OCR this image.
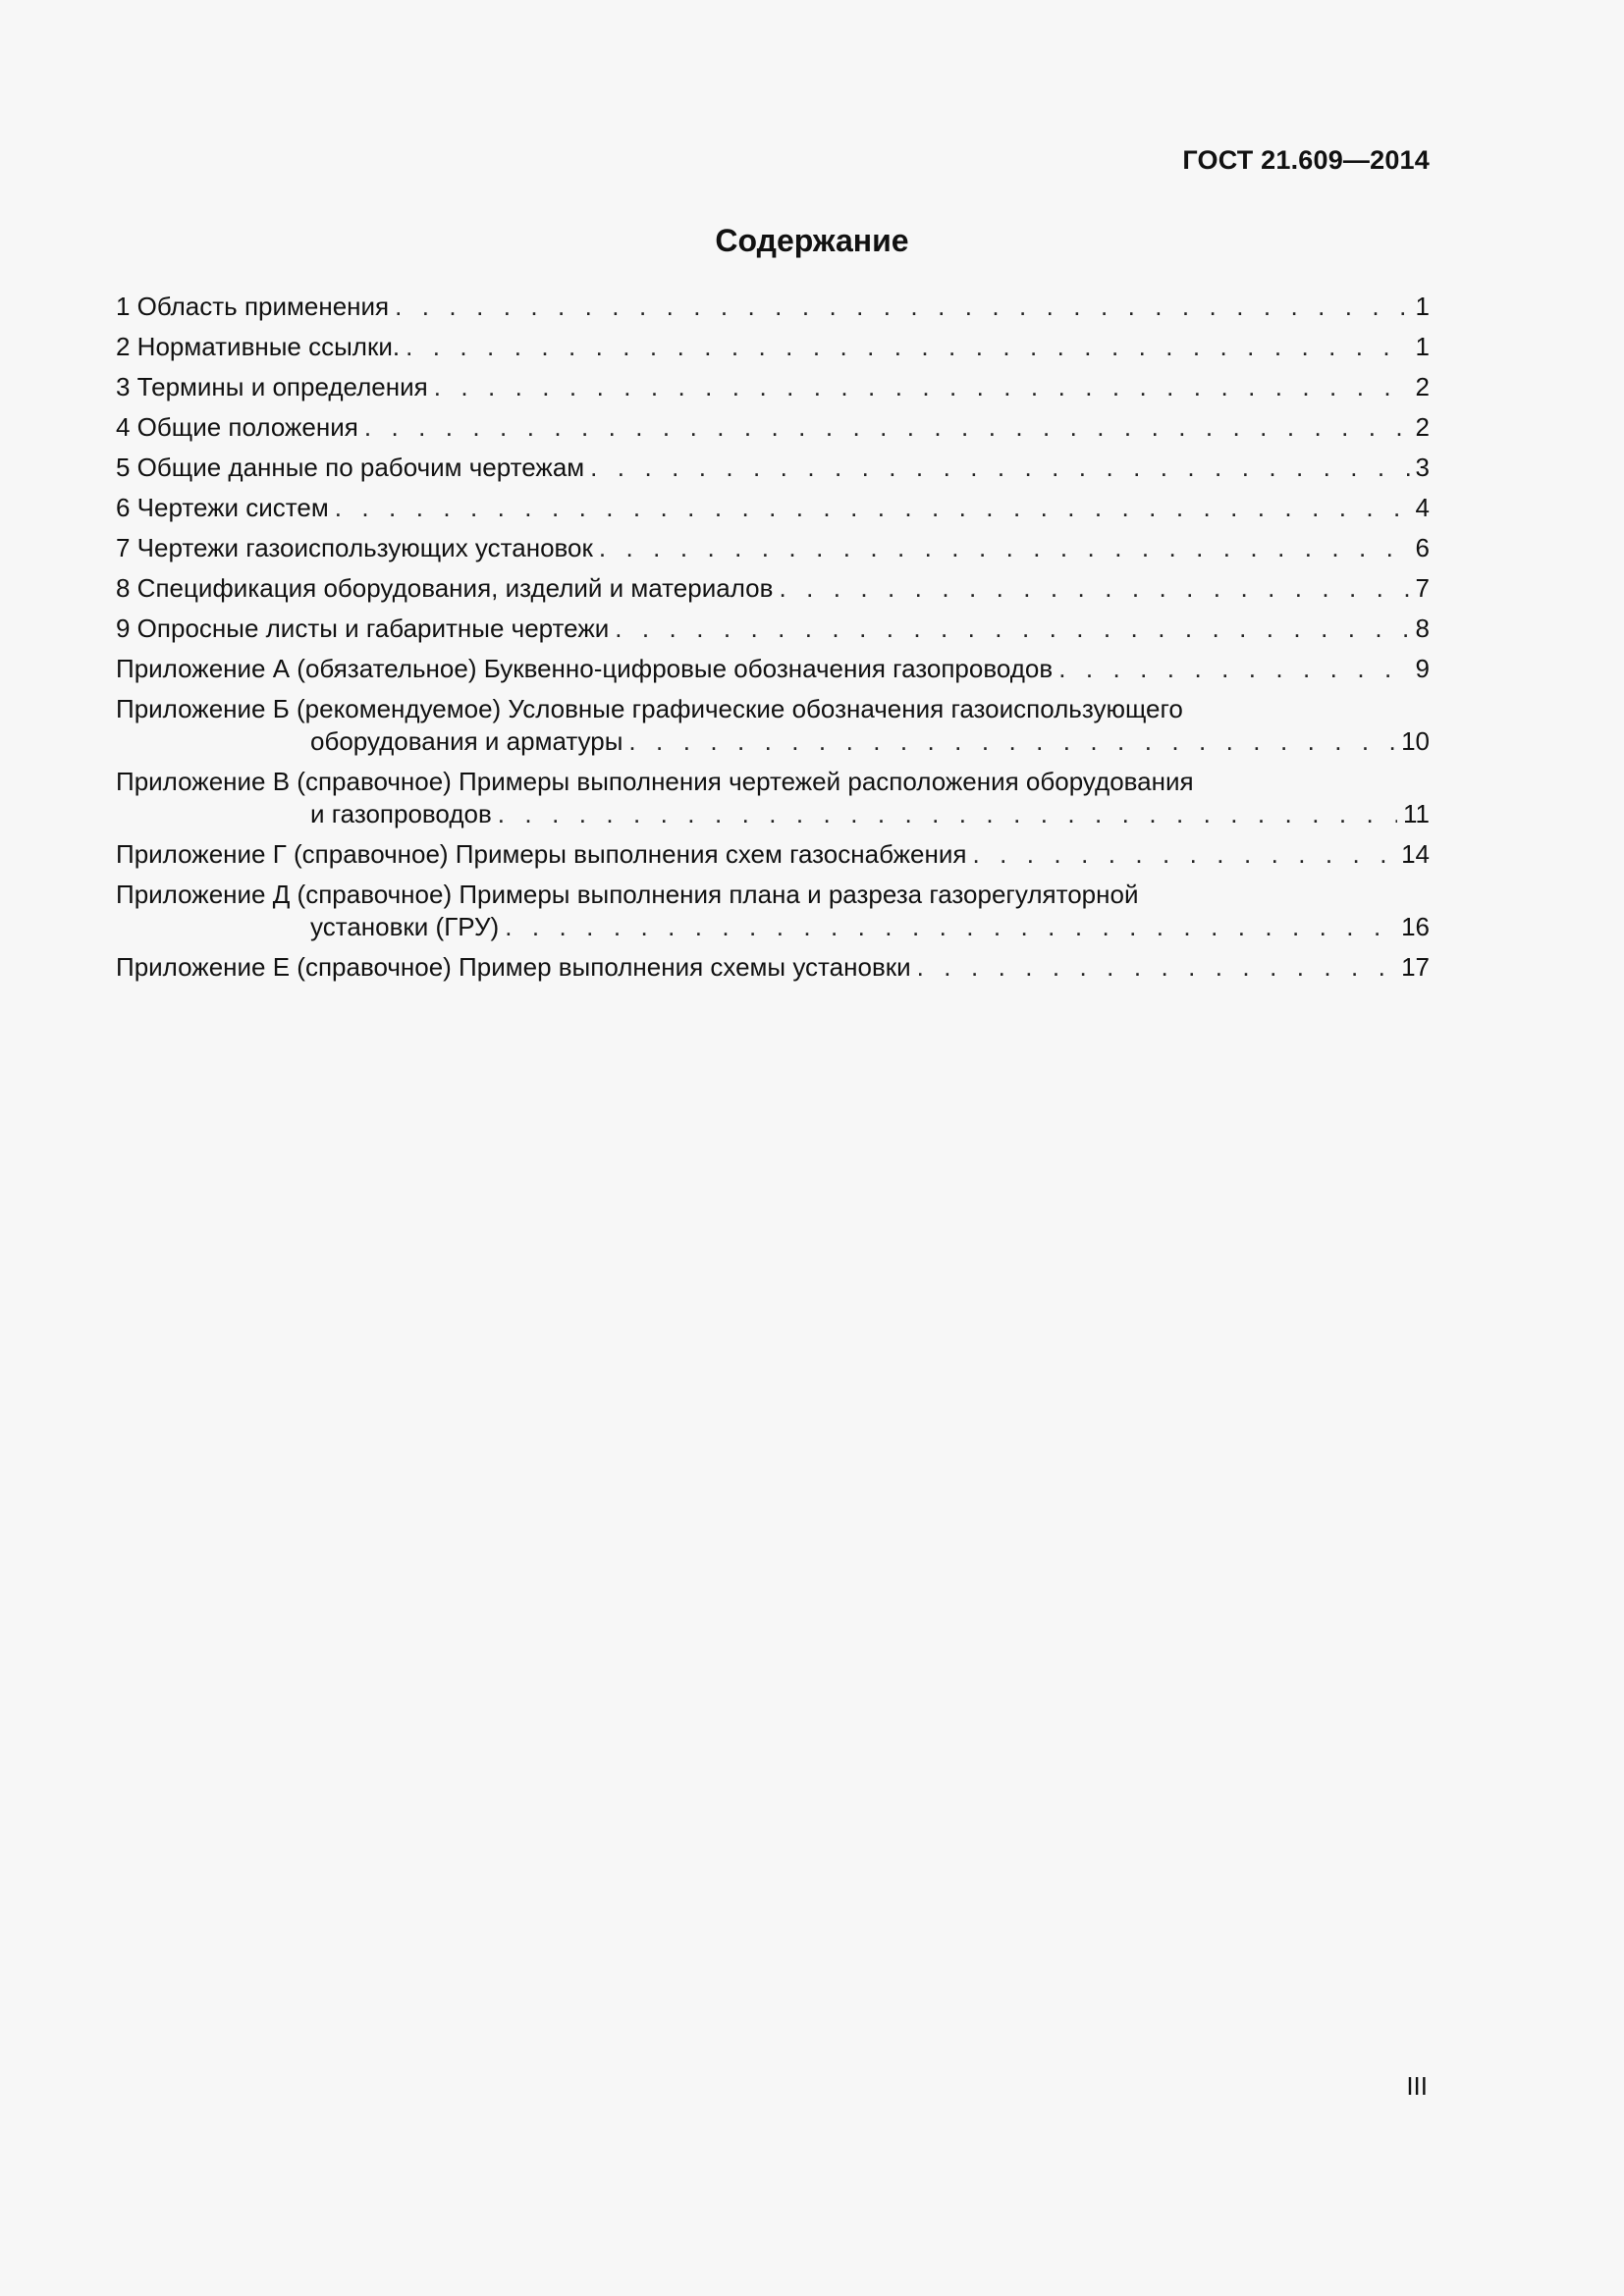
ГОСТ 21.609—2014
Содержание
1 Область применения . . .	1
2 Нормативные ссылки. . . .	1
3 Термины и определения . . .	2
4 Общие положения . . .	2
5 Общие данные по рабочим чертежам . . .	3
6 Чертежи систем . . .	4
7 Чертежи газоиспользующих установок . . .	6
8 Спецификация оборудования, изделий и материалов . . .	7
9 Опросные листы и габаритные чертежи . . .	8
Приложение А (обязательное) Буквенно-цифровые обозначения газопроводов . . .	9
Приложение Б (рекомендуемое) Условные графические обозначения газоиспользующего
оборудования и арматуры . . .	10
Приложение В (справочное) Примеры выполнения чертежей расположения оборудования
и газопроводов . . .	11
Приложение Г (справочное) Примеры выполнения схем газоснабжения . . .	14
Приложение Д (справочное) Примеры выполнения плана и разреза газорегуляторной
установки (ГРУ) . . .	16
Приложение Е (справочное) Пример выполнения схемы установки . . .	17
III
